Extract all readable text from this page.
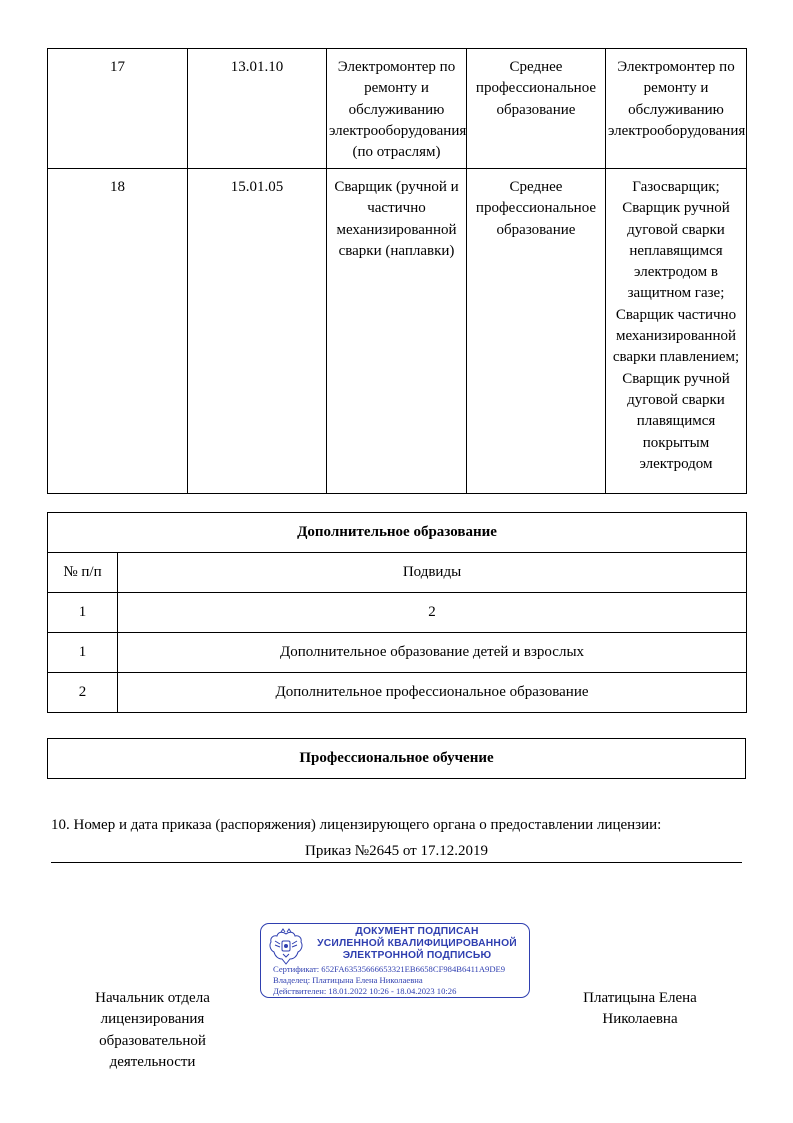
17	13.01.10	Электромонтер по ремонту и обслуживанию электрооборудования (по отраслям)	Среднее профессиональное образование	Электромонтер по ремонту и обслуживанию электрооборудования

18	15.01.05	Сварщик (ручной и частично механизированной сварки (наплавки)	Среднее профессиональное образование	Газосварщик;
Сварщик ручной дуговой сварки неплавящимся электродом в защитном газе;
Сварщик частично механизированной сварки плавлением;
Сварщик ручной дуговой сварки плавящимся покрытым электродом
Дополнительное образование	
№ п/п	Подвиды
1	2
1	Дополнительное образование детей и взрослых
2	Дополнительное профессиональное образование
Профессиональное обучение
10. Номер и дата приказа (распоряжения) лицензирующего органа о предоставлении лицензии:
Приказ №2645 от 17.12.2019
ДОКУМЕНТ ПОДПИСАН
УСИЛЕННОЙ КВАЛИФИЦИРОВАННОЙ
ЭЛЕКТРОННОЙ ПОДПИСЬЮ
Сертификат: 652FA63535666653321EB6658CF984B6411A9DE9
Владелец: Платицына Елена Николаевна
Действителен: 18.01.2022 10:26 - 18.04.2023 10:26
Начальник отдела лицензирования образовательной деятельности
Платицына Елена Николаевна
